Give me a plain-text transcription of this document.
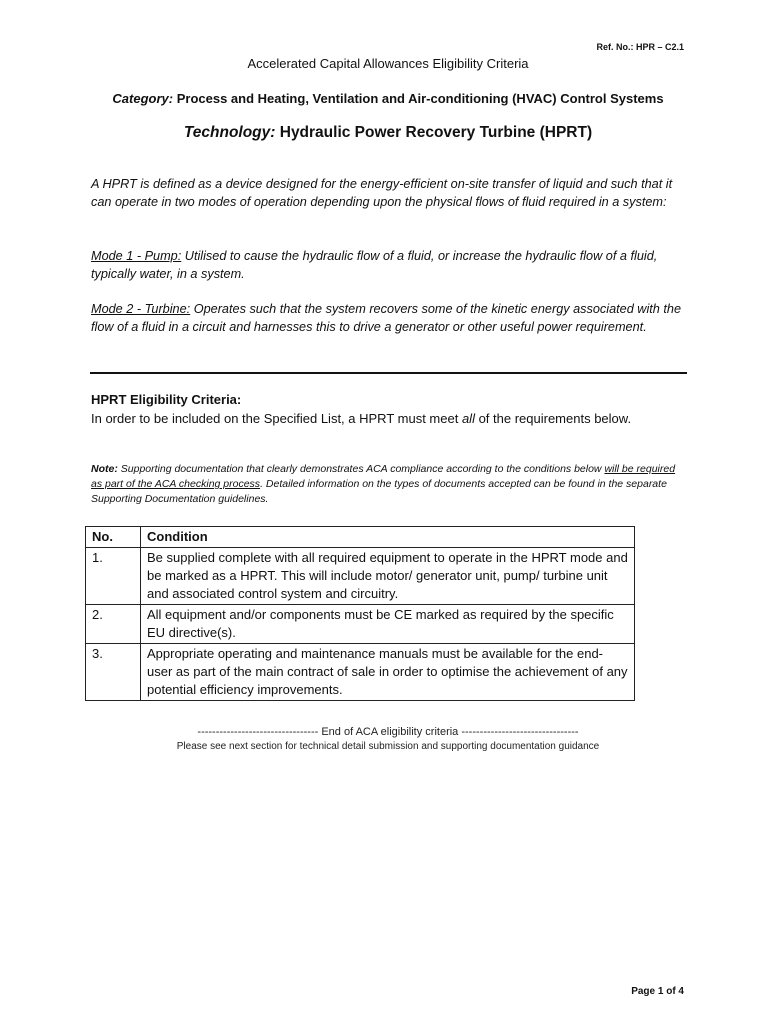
Ref. No.: HPR – C2.1
Accelerated Capital Allowances Eligibility Criteria
Category: Process and Heating, Ventilation and Air-conditioning (HVAC) Control Systems
Technology: Hydraulic Power Recovery Turbine (HPRT)
A HPRT is defined as a device designed for the energy-efficient on-site transfer of liquid and such that it can operate in two modes of operation depending upon the physical flows of fluid required in a system:
Mode 1 - Pump: Utilised to cause the hydraulic flow of a fluid, or increase the hydraulic flow of a fluid, typically water, in a system.
Mode 2 - Turbine: Operates such that the system recovers some of the kinetic energy associated with the flow of a fluid in a circuit and harnesses this to drive a generator or other useful power requirement.
HPRT Eligibility Criteria:
In order to be included on the Specified List, a HPRT must meet all of the requirements below.
Note: Supporting documentation that clearly demonstrates ACA compliance according to the conditions below will be required as part of the ACA checking process. Detailed information on the types of documents accepted can be found in the separate Supporting Documentation guidelines.
No.	Condition
1.	Be supplied complete with all required equipment to operate in the HPRT mode and be marked as a HPRT. This will include motor/ generator unit, pump/ turbine unit and associated control system and circuitry.
2.	All equipment and/or components must be CE marked as required by the specific EU directive(s).
3.	Appropriate operating and maintenance manuals must be available for the end-user as part of the main contract of sale in order to optimise the achievement of any potential efficiency improvements.
--------------------------------- End of ACA eligibility criteria --------------------------------
Please see next section for technical detail submission and supporting documentation guidance
Page 1 of 4
